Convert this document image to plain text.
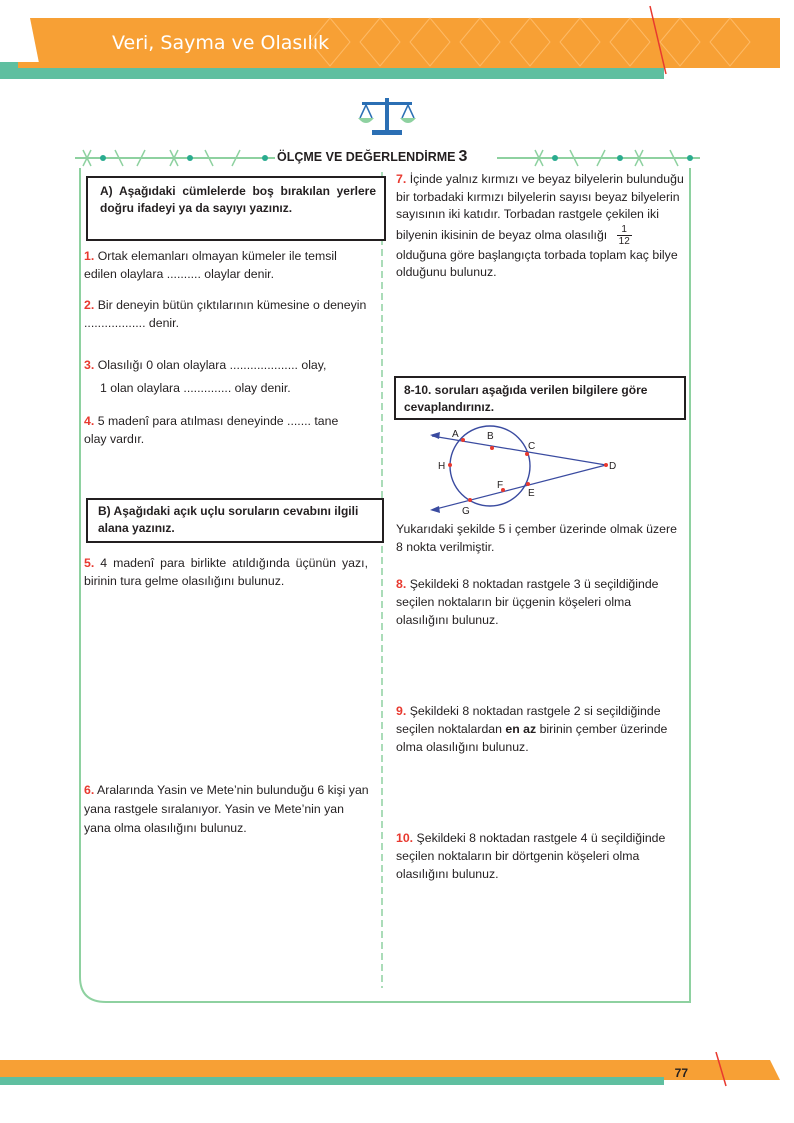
Veri, Sayma ve Olasılık
ÖLÇME VE DEĞERLENDİRME 3
A) Aşağıdaki cümlelerde boş bırakılan yerlere doğru ifadeyi ya da sayıyı yazınız.
1. Ortak elemanları olmayan kümeler ile temsil edilen olaylara .......... olaylar denir.
2. Bir deneyin bütün çıktılarının kümesine o deneyin .................. denir.
3. Olasılığı 0 olan olaylara .................... olay,
1 olan olaylara .............. olay denir.
4. 5 madenî para atılması deneyinde ....... tane olay vardır.
B) Aşağıdaki açık uçlu soruların cevabını ilgili alana yazınız.
5. 4 madenî para birlikte atıldığında üçünün yazı, birinin tura gelme olasılığını bulunuz.
6. Aralarında Yasin ve Mete’nin bulunduğu 6 kişi yan yana rastgele sıralanıyor. Yasin ve Mete’nin yan yana olma olasılığını bulunuz.
7. İçinde yalnız kırmızı ve beyaz bilyelerin bulunduğu bir torbadaki kırmızı bilyelerin sayısı beyaz bilyelerin sayısının iki katıdır. Torbadan rastgele çekilen iki bilyenin ikisinin de beyaz olma olasılığı $\frac{1}{12}$
olduğuna göre başlangıçta torbada toplam kaç bilye olduğunu bulunuz.
8-10. soruları aşağıda verilen bilgilere göre cevaplandırınız.
A	B
C
D
E
F
G
H
Yukarıdaki şekilde 5 i çember üzerinde olmak üzere 8 nokta verilmiştir.
8. Şekildeki 8 noktadan rastgele 3 ü seçildiğinde seçilen noktaların bir üçgenin köşeleri olma olasılığını bulunuz.
9. Şekildeki 8 noktadan rastgele 2 si seçildiğinde seçilen noktalardan en az birinin çember üzerinde olma olasılığını bulunuz.
10. Şekildeki 8 noktadan rastgele 4 ü seçildiğinde seçilen noktaların bir dörtgenin köşeleri olma olasılığını bulunuz.
77
